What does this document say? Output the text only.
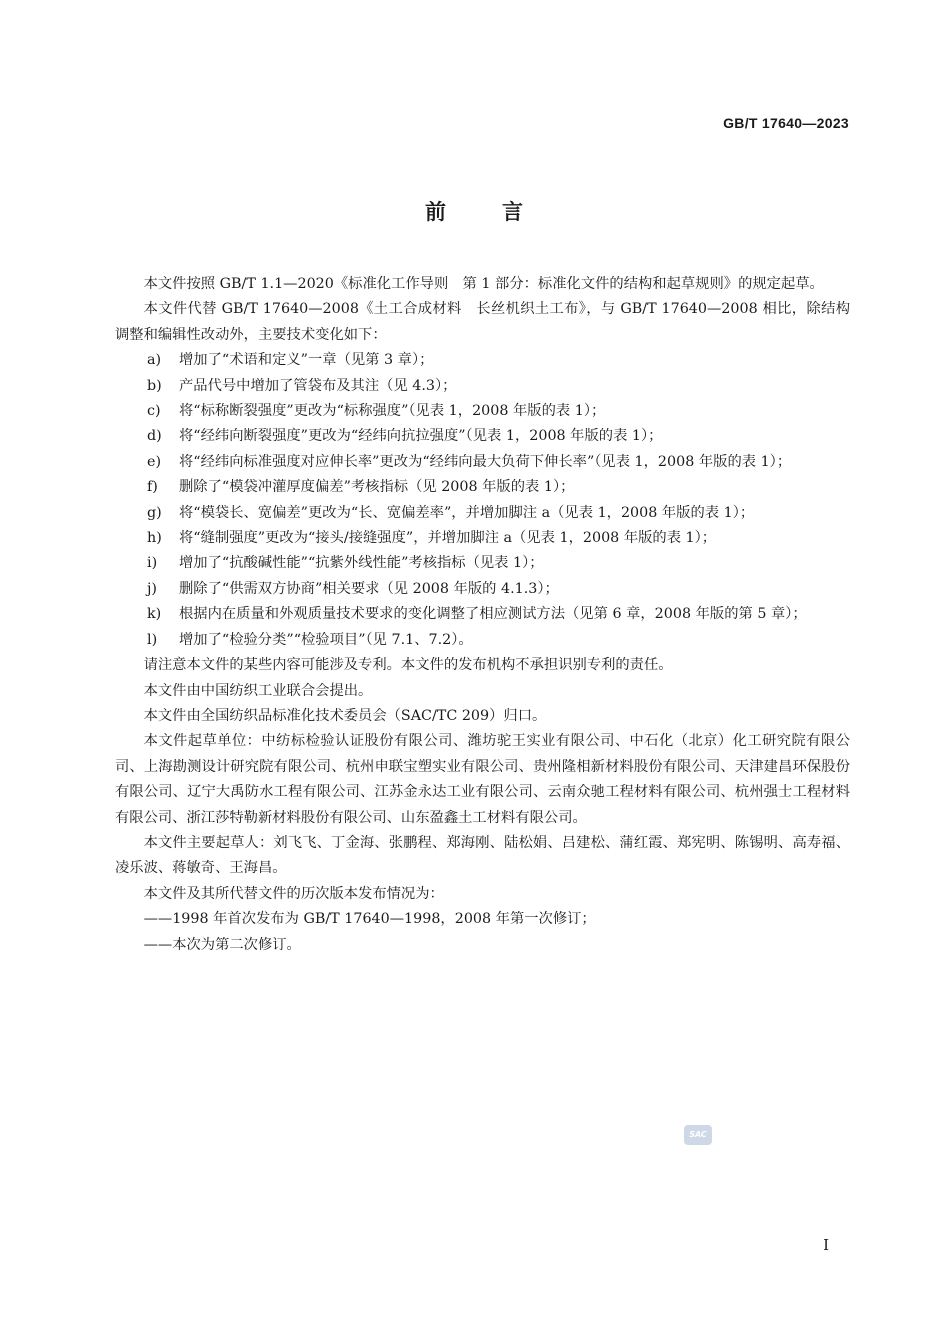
GB/T 17640—2023
前	言

本文件按照 GB/T 1.1—2020《标准化工作导则　第 1 部分：标准化文件的结构和起草规则》的规定起草。

本文件代替 GB/T 17640—2008《土工合成材料　长丝机织土工布》，与 GB/T 17640—2008 相比，除结构调整和编辑性改动外，主要技术变化如下：

a) 增加了“术语和定义”一章（见第 3 章）；

b) 产品代号中增加了管袋布及其注（见 4.3）；

c) 将“标称断裂强度”更改为“标称强度”（见表 1，2008 年版的表 1）；

d) 将“经纬向断裂强度”更改为“经纬向抗拉强度”（见表 1，2008 年版的表 1）；

e) 将“经纬向标准强度对应伸长率”更改为“经纬向最大负荷下伸长率”（见表 1，2008 年版的表 1）；

f) 删除了“模袋冲灌厚度偏差”考核指标（见 2008 年版的表 1）；

g) 将“模袋长、宽偏差”更改为“长、宽偏差率”，并增加脚注 a（见表 1，2008 年版的表 1）；

h) 将“缝制强度”更改为“接头/接缝强度”，并增加脚注 a（见表 1，2008 年版的表 1）；

i) 增加了“抗酸碱性能”“抗紫外线性能”考核指标（见表 1）；

j) 删除了“供需双方协商”相关要求（见 2008 年版的 4.1.3）；

k) 根据内在质量和外观质量技术要求的变化调整了相应测试方法（见第 6 章，2008 年版的第 5 章）；

l) 增加了“检验分类”“检验项目”（见 7.1、7.2）。

请注意本文件的某些内容可能涉及专利。本文件的发布机构不承担识别专利的责任。

本文件由中国纺织工业联合会提出。

本文件由全国纺织品标准化技术委员会（SAC/TC 209）归口。

本文件起草单位：中纺标检验认证股份有限公司、潍坊驼王实业有限公司、中石化（北京）化工研究院有限公司、上海勘测设计研究院有限公司、杭州申联宝塑实业有限公司、贵州隆相新材料股份有限公司、天津建昌环保股份有限公司、辽宁大禹防水工程有限公司、江苏金永达工业有限公司、云南众驰工程材料有限公司、杭州强士工程材料有限公司、浙江莎特勒新材料股份有限公司、山东盈鑫土工材料有限公司。

本文件主要起草人：刘飞飞、丁金海、张鹏程、郑海刚、陆松娟、吕建松、蒲红霞、郑宪明、陈锡明、高寿福、凌乐波、蒋敏奇、王海昌。

本文件及其所代替文件的历次版本发布情况为：

——1998 年首次发布为 GB/T 17640—1998，2008 年第一次修订；

——本次为第二次修订。

SAC
I
